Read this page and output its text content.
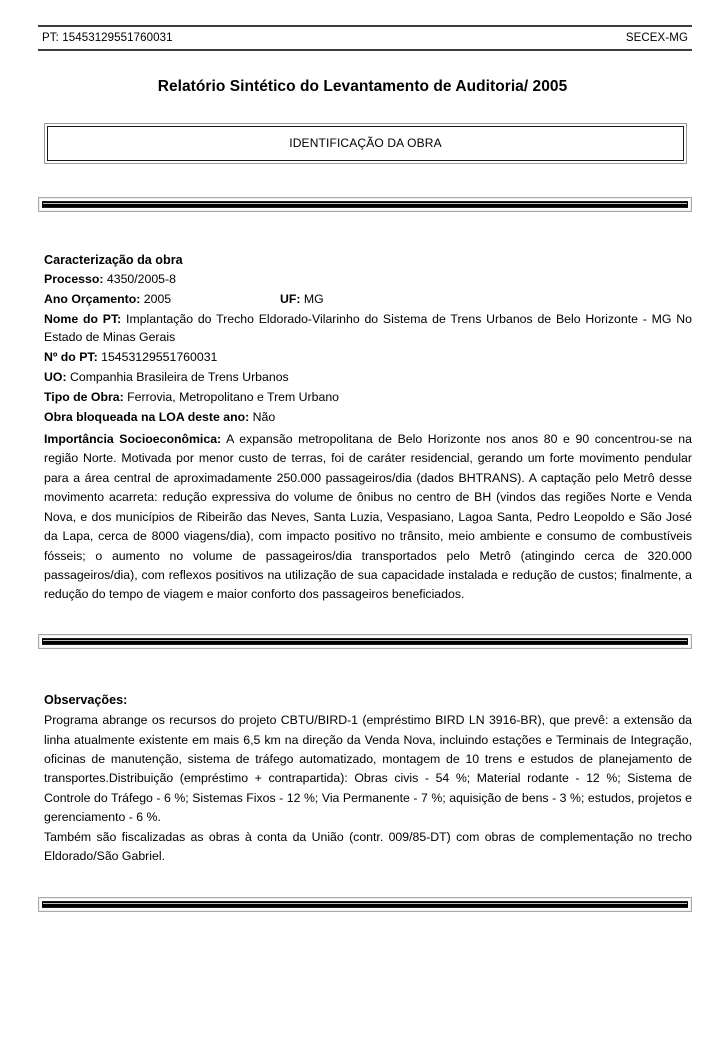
PT: 15453129551760031	SECEX-MG
Relatório Sintético do Levantamento de Auditoria/ 2005
IDENTIFICAÇÃO DA OBRA
Caracterização da obra
Processo: 4350/2005-8
Ano Orçamento: 2005	UF: MG
Nome do PT: Implantação do Trecho Eldorado-Vilarinho do Sistema de Trens Urbanos de Belo Horizonte - MG No Estado de Minas Gerais
Nº do PT: 15453129551760031
UO: Companhia Brasileira de Trens Urbanos
Tipo de Obra: Ferrovia, Metropolitano e Trem Urbano
Obra bloqueada na LOA deste ano: Não
Importância Socioeconômica: A expansão metropolitana de Belo Horizonte nos anos 80 e 90 concentrou-se na região Norte. Motivada por menor custo de terras, foi de caráter residencial, gerando um forte movimento pendular para a área central de aproximadamente 250.000 passageiros/dia (dados BHTRANS). A captação pelo Metrô desse movimento acarreta: redução expressiva do volume de ônibus no centro de BH (vindos das regiões Norte e Venda Nova, e dos municípios de Ribeirão das Neves, Santa Luzia, Vespasiano, Lagoa Santa, Pedro Leopoldo e São José da Lapa, cerca de 8000 viagens/dia), com impacto positivo no trânsito, meio ambiente e consumo de combustíveis fósseis; o aumento no volume de passageiros/dia transportados pelo Metrô (atingindo cerca de 320.000 passageiros/dia), com reflexos positivos na utilização de sua capacidade instalada e redução de custos; finalmente, a redução do tempo de viagem e maior conforto dos passageiros beneficiados.
Observações:
Programa abrange os recursos do projeto CBTU/BIRD-1 (empréstimo BIRD LN 3916-BR), que prevê: a extensão da linha atualmente existente em mais 6,5 km na direção da Venda Nova, incluindo estações e Terminais de Integração, oficinas de manutenção, sistema de tráfego automatizado, montagem de 10 trens e estudos de planejamento de transportes.Distribuição (empréstimo + contrapartida): Obras civis - 54 %; Material rodante - 12 %; Sistema de Controle do Tráfego - 6 %; Sistemas Fixos - 12 %; Via Permanente - 7 %; aquisição de bens - 3 %; estudos, projetos e gerenciamento - 6 %.
Também são fiscalizadas as obras à conta da União (contr. 009/85-DT) com obras de complementação no trecho Eldorado/São Gabriel.
